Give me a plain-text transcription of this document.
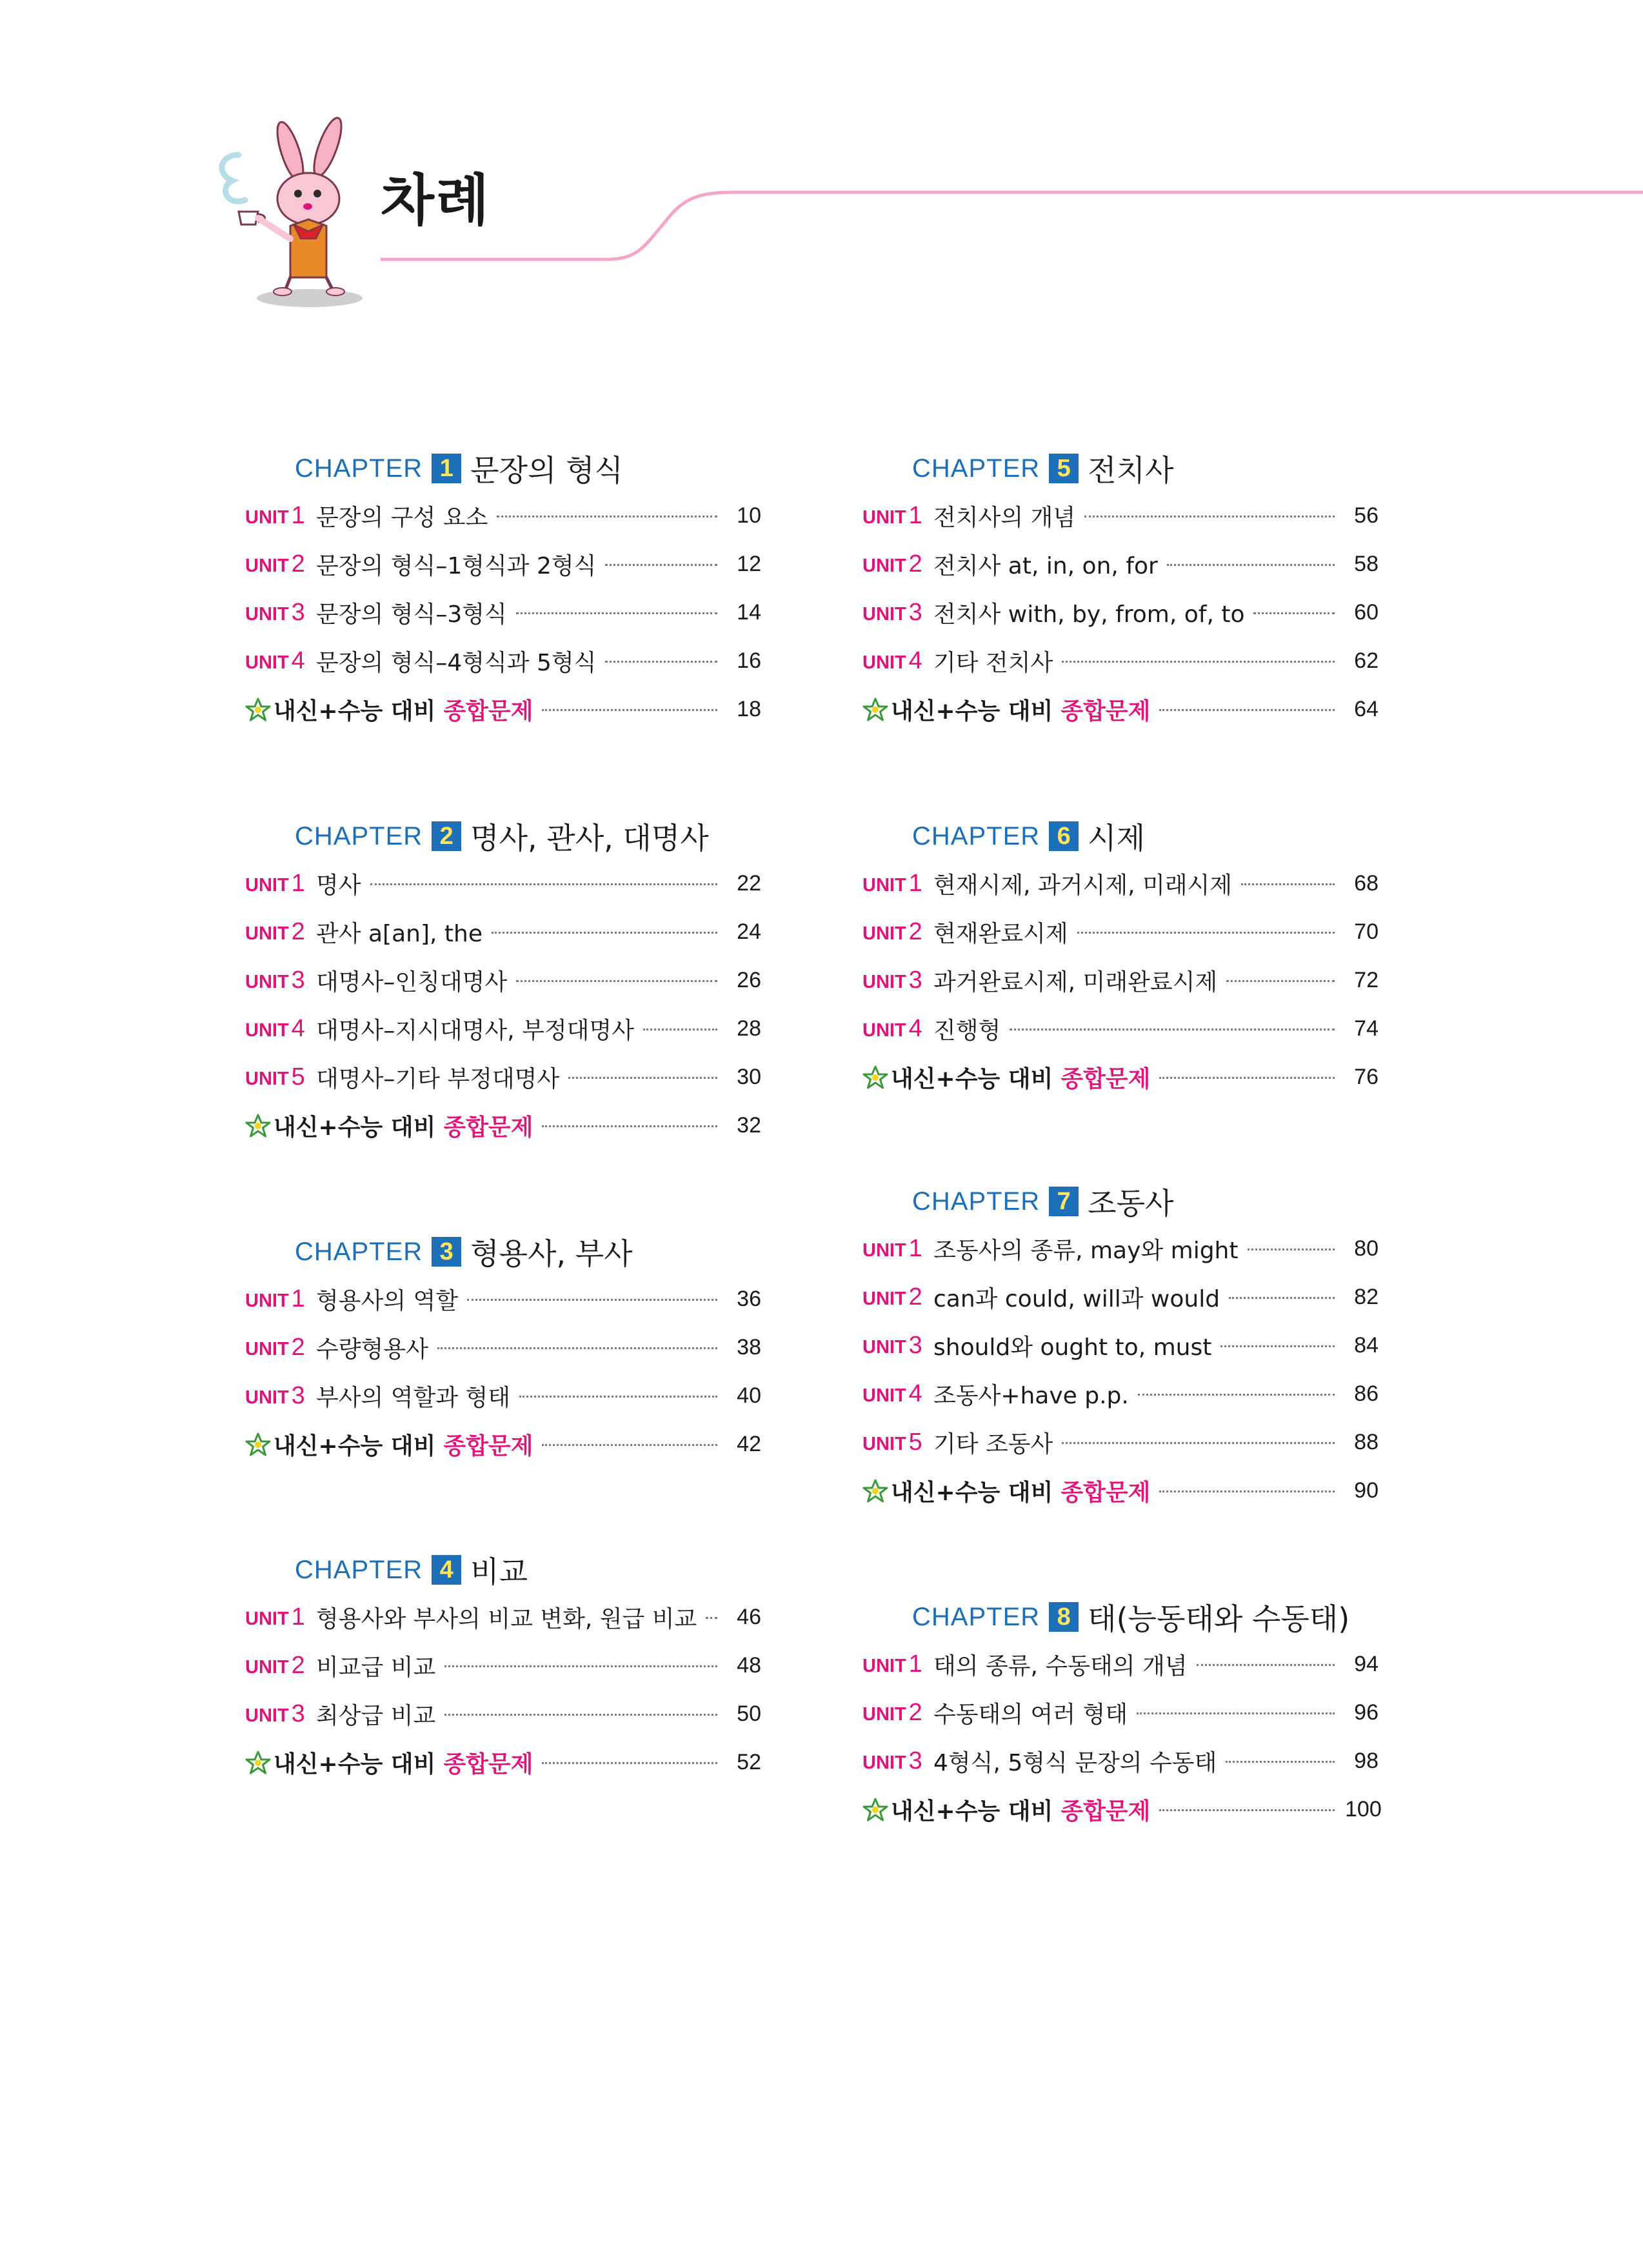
차례
CHAPTER 1 문장의 형식
UNIT 1 문장의 구성 요소	10
UNIT 2 문장의 형식–1형식과 2형식	12
UNIT 3 문장의 형식–3형식	14
UNIT 4 문장의 형식–4형식과 5형식	16
내신+수능 대비 종합문제	18
CHAPTER 2 명사, 관사, 대명사
UNIT 1 명사	22
UNIT 2 관사 a[an], the	24
UNIT 3 대명사–인칭대명사	26
UNIT 4 대명사–지시대명사, 부정대명사	28
UNIT 5 대명사–기타 부정대명사	30
내신+수능 대비 종합문제	32
CHAPTER 3 형용사, 부사
UNIT 1 형용사의 역할	36
UNIT 2 수량형용사	38
UNIT 3 부사의 역할과 형태	40
내신+수능 대비 종합문제	42
CHAPTER 4 비교
UNIT 1 형용사와 부사의 비교 변화, 원급 비교	46
UNIT 2 비교급 비교	48
UNIT 3 최상급 비교	50
내신+수능 대비 종합문제	52
CHAPTER 5 전치사
UNIT 1 전치사의 개념	56
UNIT 2 전치사 at, in, on, for	58
UNIT 3 전치사 with, by, from, of, to	60
UNIT 4 기타 전치사	62
내신+수능 대비 종합문제	64
CHAPTER 6 시제
UNIT 1 현재시제, 과거시제, 미래시제	68
UNIT 2 현재완료시제	70
UNIT 3 과거완료시제, 미래완료시제	72
UNIT 4 진행형	74
내신+수능 대비 종합문제	76
CHAPTER 7 조동사
UNIT 1 조동사의 종류, may와 might	80
UNIT 2 can과 could, will과 would	82
UNIT 3 should와 ought to, must	84
UNIT 4 조동사+have p.p.	86
UNIT 5 기타 조동사	88
내신+수능 대비 종합문제	90
CHAPTER 8 태(능동태와 수동태)
UNIT 1 태의 종류, 수동태의 개념	94
UNIT 2 수동태의 여러 형태	96
UNIT 3 4형식, 5형식 문장의 수동태	98
내신+수능 대비 종합문제	100
